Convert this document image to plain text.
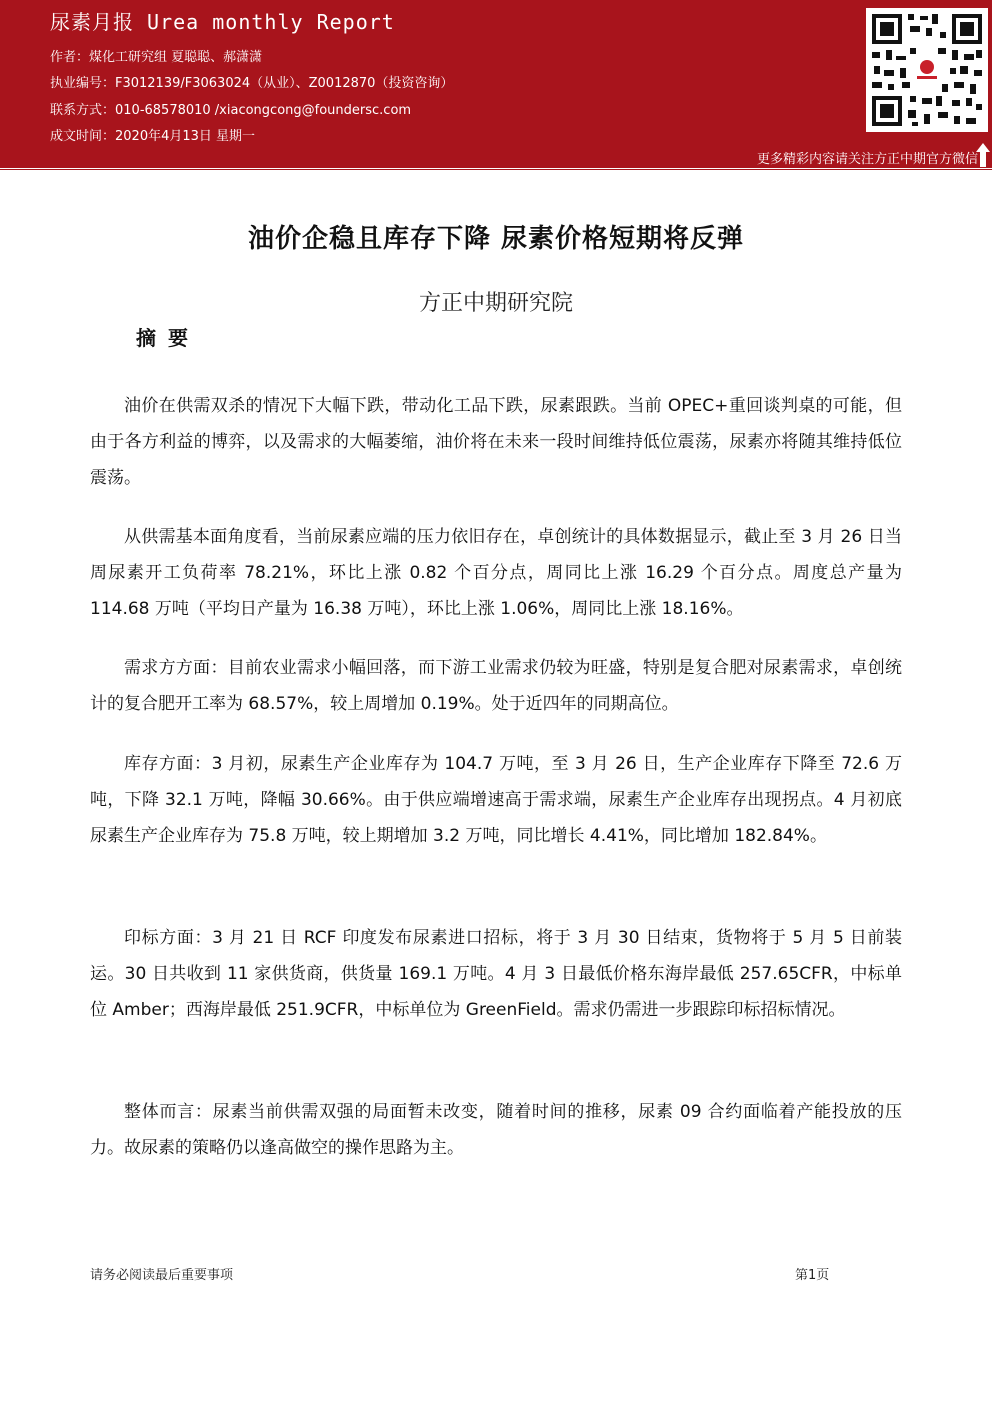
尿素月报 Urea monthly Report
作者：煤化工研究组 夏聪聪、郝潇潇
执业编号：F3012139/F3063024（从业）、Z0012870（投资咨询）
联系方式：010-68578010 /xiacongcong@foundersc.com
成文时间：2020年4月13日 星期一
更多精彩内容请关注方正中期官方微信
油价企稳且库存下降 尿素价格短期将反弹
方正中期研究院
摘要
油价在供需双杀的情况下大幅下跌，带动化工品下跌，尿素跟跌。当前 OPEC+重回谈判桌的可能，但由于各方利益的博弈，以及需求的大幅萎缩，油价将在未来一段时间维持低位震荡，尿素亦将随其维持低位震荡。
从供需基本面角度看，当前尿素应端的压力依旧存在，卓创统计的具体数据显示，截止至 3 月 26 日当周尿素开工负荷率 78.21%，环比上涨 0.82 个百分点，周同比上涨 16.29 个百分点。周度总产量为 114.68 万吨（平均日产量为 16.38 万吨），环比上涨 1.06%，周同比上涨 18.16%。
需求方方面：目前农业需求小幅回落，而下游工业需求仍较为旺盛，特别是复合肥对尿素需求，卓创统计的复合肥开工率为 68.57%，较上周增加 0.19%。处于近四年的同期高位。
库存方面：3 月初，尿素生产企业库存为 104.7 万吨，至 3 月 26 日，生产企业库存下降至 72.6 万吨，下降 32.1 万吨，降幅 30.66%。由于供应端增速高于需求端，尿素生产企业库存出现拐点。4 月初底尿素生产企业库存为 75.8 万吨，较上期增加 3.2 万吨，同比增长 4.41%，同比增加 182.84%。
印标方面：3 月 21 日 RCF 印度发布尿素进口招标，将于 3 月 30 日结束，货物将于 5 月 5 日前装运。30 日共收到 11 家供货商，供货量 169.1 万吨。4 月 3 日最低价格东海岸最低 257.65CFR，中标单位 Amber；西海岸最低 251.9CFR，中标单位为 GreenField。需求仍需进一步跟踪印标招标情况。
整体而言：尿素当前供需双强的局面暂未改变，随着时间的推移，尿素 09 合约面临着产能投放的压力。故尿素的策略仍以逢高做空的操作思路为主。
请务必阅读最后重要事项	第1页
